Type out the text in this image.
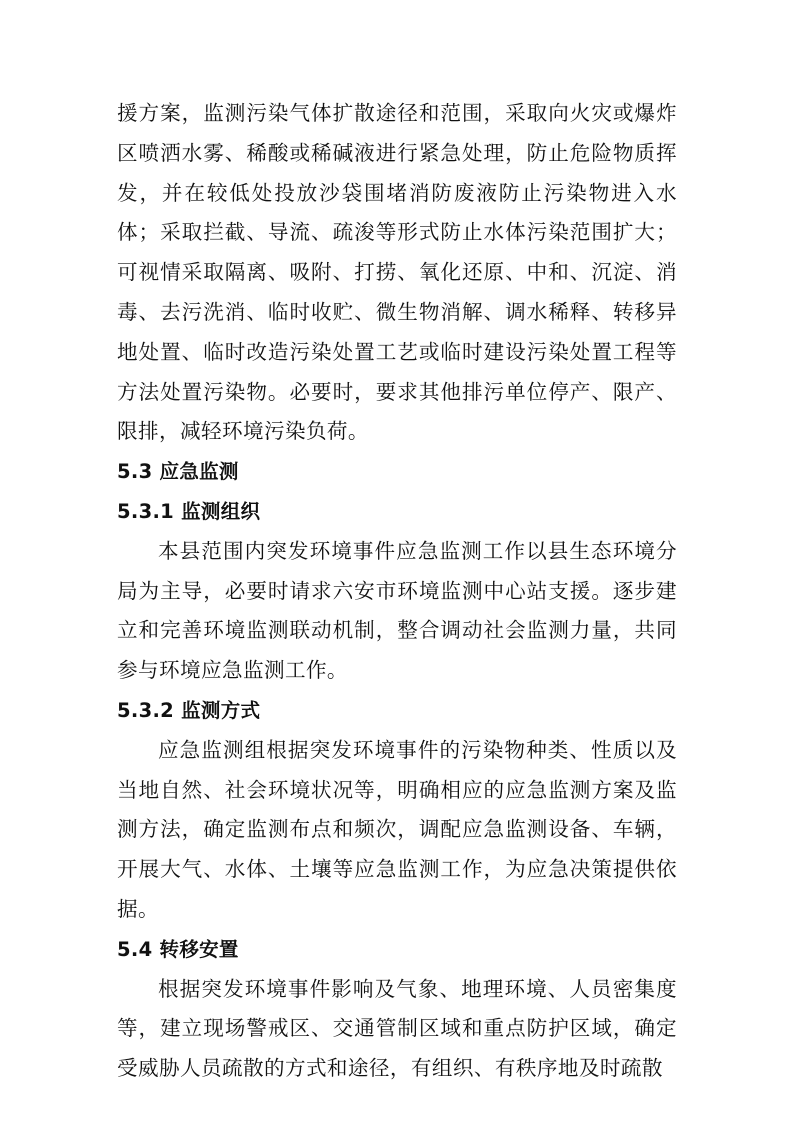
援方案，监测污染气体扩散途径和范围，采取向火灾或爆炸区喷洒水雾、稀酸或稀碱液进行紧急处理，防止危险物质挥发，并在较低处投放沙袋围堵消防废液防止污染物进入水体；采取拦截、导流、疏浚等形式防止水体污染范围扩大；可视情采取隔离、吸附、打捞、氧化还原、中和、沉淀、消毒、去污洗消、临时收贮、微生物消解、调水稀释、转移异地处置、临时改造污染处置工艺或临时建设污染处置工程等方法处置污染物。必要时，要求其他排污单位停产、限产、限排，减轻环境污染负荷。

5.3 应急监测
5.3.1 监测组织

本县范围内突发环境事件应急监测工作以县生态环境分局为主导，必要时请求六安市环境监测中心站支援。逐步建立和完善环境监测联动机制，整合调动社会监测力量，共同参与环境应急监测工作。

5.3.2 监测方式

应急监测组根据突发环境事件的污染物种类、性质以及当地自然、社会环境状况等，明确相应的应急监测方案及监测方法，确定监测布点和频次，调配应急监测设备、车辆，开展大气、水体、土壤等应急监测工作，为应急决策提供依据。

5.4 转移安置

根据突发环境事件影响及气象、地理环境、人员密集度等，建立现场警戒区、交通管制区域和重点防护区域，确定受威胁人员疏散的方式和途径，有组织、有秩序地及时疏散
